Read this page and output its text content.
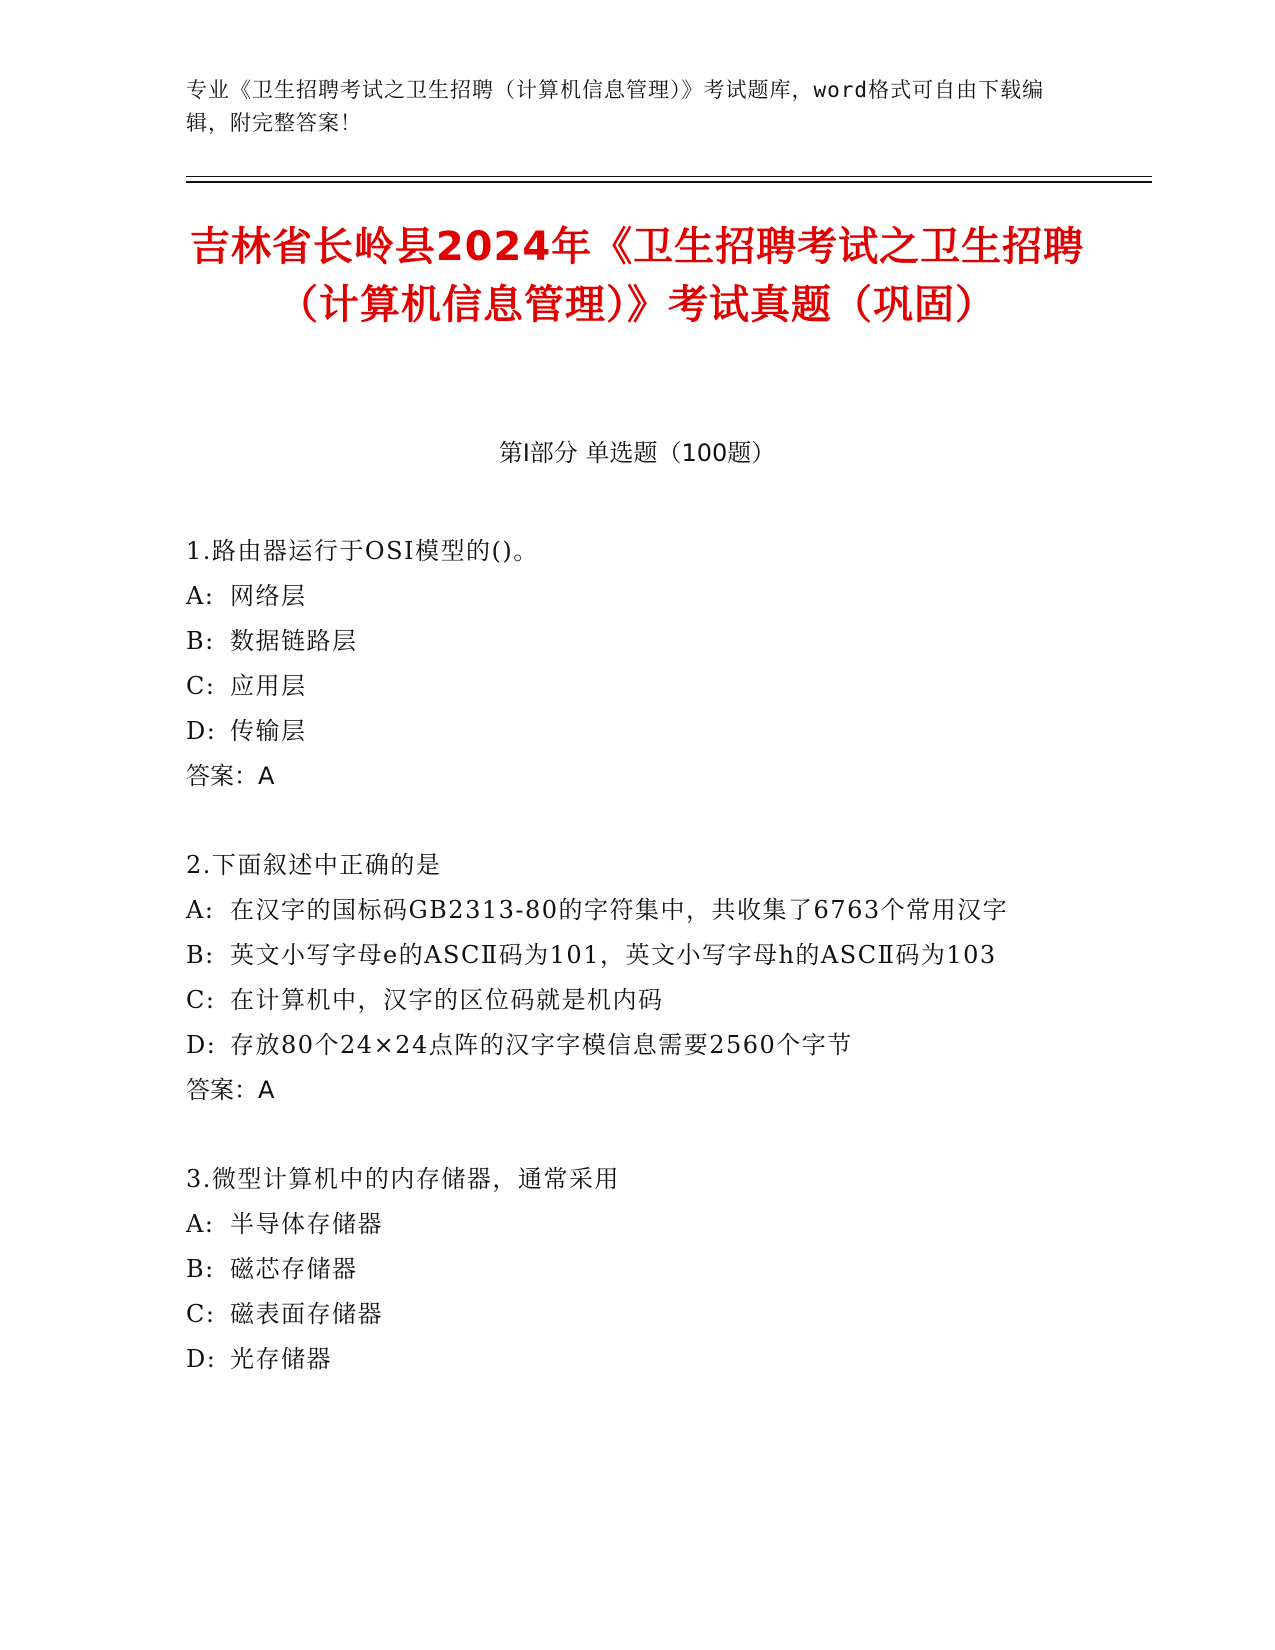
专业《卫生招聘考试之卫生招聘（计算机信息管理）》考试题库，word格式可自由下载编辑，附完整答案！
吉林省长岭县2024年《卫生招聘考试之卫生招聘（计算机信息管理）》考试真题（巩固）
第I部分 单选题（100题）
1.路由器运行于OSI模型的()。
A: 网络层
B: 数据链路层
C: 应用层
D: 传输层
答案：A
2.下面叙述中正确的是
A: 在汉字的国标码GB2313-80的字符集中，共收集了6763个常用汉字
B: 英文小写字母e的ASCⅡ码为101，英文小写字母h的ASCⅡ码为103
C: 在计算机中，汉字的区位码就是机内码
D: 存放80个24×24点阵的汉字字模信息需要2560个字节
答案：A
3.微型计算机中的内存储器，通常采用
A: 半导体存储器
B: 磁芯存储器
C: 磁表面存储器
D: 光存储器
